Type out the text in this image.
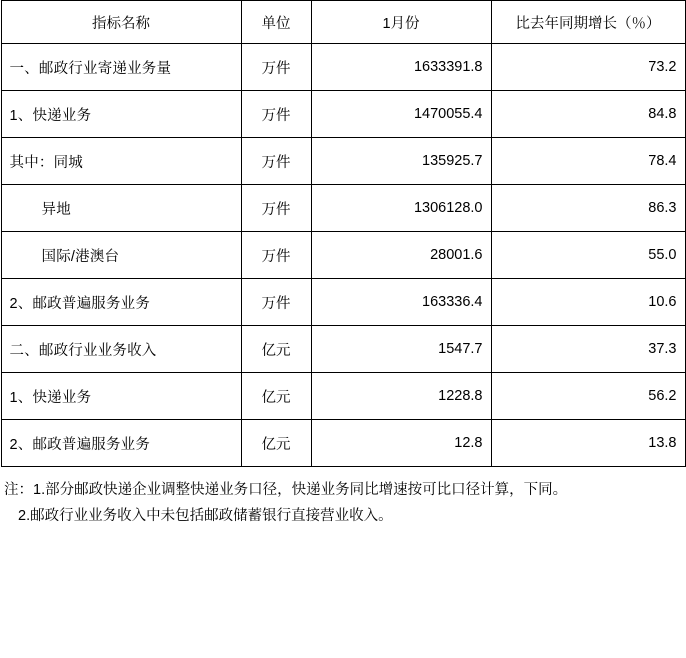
指标名称	单位	1月份	比去年同期增长（％）
一、邮政行业寄递业务量	万件	1633391.8	73.2
1、快递业务	万件	1470055.4	84.8
其中：同城	万件	135925.7	78.4
异地	万件	1306128.0	86.3
国际/港澳台	万件	28001.6	55.0
2、邮政普遍服务业务	万件	163336.4	10.6
二、邮政行业业务收入	亿元	1547.7	37.3
1、快递业务	亿元	1228.8	56.2
2、邮政普遍服务业务	亿元	12.8	13.8
注：1.部分邮政快递企业调整快递业务口径，快递业务同比增速按可比口径计算，下同。
2.邮政行业业务收入中未包括邮政储蓄银行直接营业收入。
